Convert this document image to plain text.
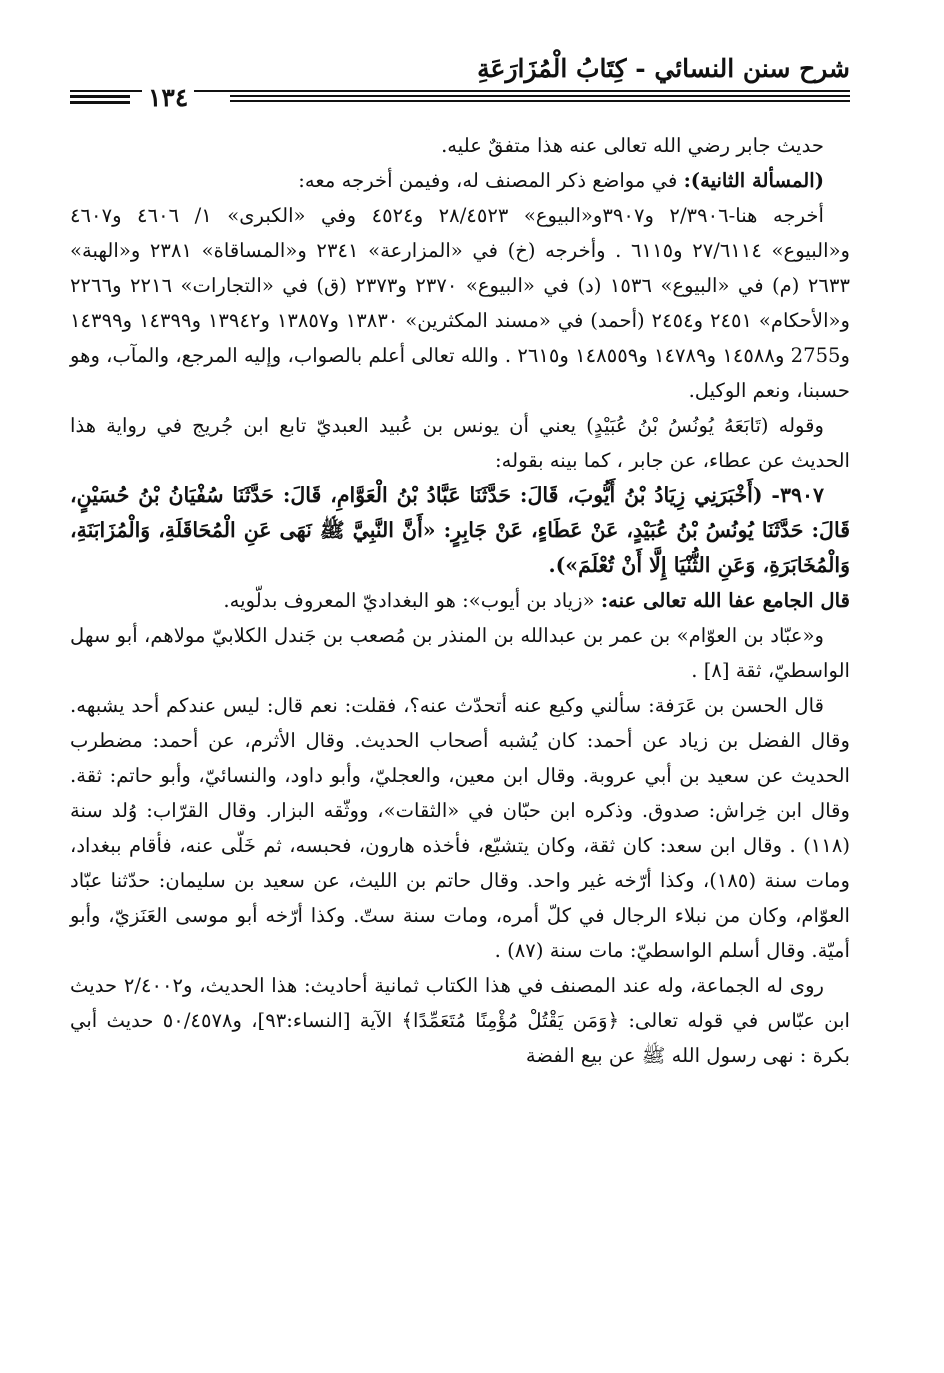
شرح سنن النسائي - كِتَابُ الْمُزَارَعَةِ
١٣٤

حديث جابر رضي الله تعالى عنه هذا متفقٌ عليه.

(المسألة الثانية): في مواضع ذكر المصنف له، وفيمن أخرجه معه:

أخرجه هنا-٢/٣٩٠٦ و٣٩٠٧و«البيوع» ٢٨/٤٥٢٣ و٤٥٢٤ وفي «الكبرى» ١/ ٤٦٠٦ و٤٦٠٧ و«البيوع» ٢٧/٦١١٤ و٦١١٥ . وأخرجه (خ) في «المزارعة» ٢٣٤١ و«المساقاة» ٢٣٨١ و«الهبة» ٢٦٣٣ (م) في «البيوع» ١٥٣٦ (د) في «البيوع» ٢٣٧٠ و٢٣٧٣ (ق) في «التجارات» ٢٢١٦ و٢٢٦٦ و«الأحكام» ٢٤٥١ و٢٤٥٤ (أحمد) في «مسند المكثرين» ١٣٨٣٠ و١٣٨٥٧ و١٣٩٤٢ و١٤٣٩٩ و١٤٣٩٩ و2755 و١٤٥٨٨ و١٤٧٨٩ و١٤٨٥٥٩ و٢٦١٥ . والله تعالى أعلم بالصواب، وإليه المرجع، والمآب، وهو حسبنا، ونعم الوكيل.

وقوله (تَابَعَهُ يُونُسُ بْنُ عُبَيْدٍ) يعني أن يونس بن عُبيد العبديّ تابع ابن جُريج في رواية هذا الحديث عن عطاء، عن جابر ، كما بينه بقوله:

٣٩٠٧- (أَخْبَرَنِي زِيَادُ بْنُ أَيُّوبَ، قَالَ: حَدَّثَنَا عَبَّادُ بْنُ الْعَوَّامِ، قَالَ: حَدَّثَنَا سُفْيَانُ بْنُ حُسَيْنٍ، قَالَ: حَدَّثَنَا يُونُسُ بْنُ عُبَيْدٍ، عَنْ عَطَاءٍ، عَنْ جَابِرٍ: «أَنَّ النَّبِيَّ ﷺ نَهَى عَنِ الْمُحَاقَلَةِ، وَالْمُزَابَنَةِ، وَالْمُخَابَرَةِ، وَعَنِ الثُّنْيَا إِلَّا أَنْ تُعْلَمَ»).

قال الجامع عفا الله تعالى عنه: «زياد بن أيوب»: هو البغداديّ المعروف بدلّويه.

و«عبّاد بن العوّام» بن عمر بن عبدالله بن المنذر بن مُصعب بن جَندل الكلابيّ مولاهم، أبو سهل الواسطيّ، ثقة [٨] .

قال الحسن بن عَرَفة: سألني وكيع عنه أتحدّث عنه؟، فقلت: نعم قال: ليس عندكم أحد يشبهه. وقال الفضل بن زياد عن أحمد: كان يُشبه أصحاب الحديث. وقال الأثرم، عن أحمد: مضطرب الحديث عن سعيد بن أبي عروبة. وقال ابن معين، والعجليّ، وأبو داود، والنسائيّ، وأبو حاتم: ثقة. وقال ابن خِراش: صدوق. وذكره ابن حبّان في «الثقات»، ووثّقه البزار. وقال القرّاب: وُلد سنة (١١٨) . وقال ابن سعد: كان ثقة، وكان يتشيّع، فأخذه هارون، فحبسه، ثم خَلّى عنه، فأقام ببغداد، ومات سنة (١٨٥)، وكذا أرّخه غير واحد. وقال حاتم بن الليث، عن سعيد بن سليمان: حدّثنا عبّاد العوّام، وكان من نبلاء الرجال في كلّ أمره، ومات سنة ستّ. وكذا أرّخه أبو موسى العَنَزيّ، وأبو أميّة. وقال أسلم الواسطيّ: مات سنة (٨٧) .

روى له الجماعة، وله عند المصنف في هذا الكتاب ثمانية أحاديث: هذا الحديث، و٢/٤٠٠٢ حديث ابن عبّاس في قوله تعالى: ﴿وَمَن يَقْتُلْ مُؤْمِنًا مُتَعَمِّدًا﴾ الآية [النساء:٩٣]، و٥٠/٤٥٧٨ حديث أبي بكرة : نهى رسول الله ﷺ عن بيع الفضة
